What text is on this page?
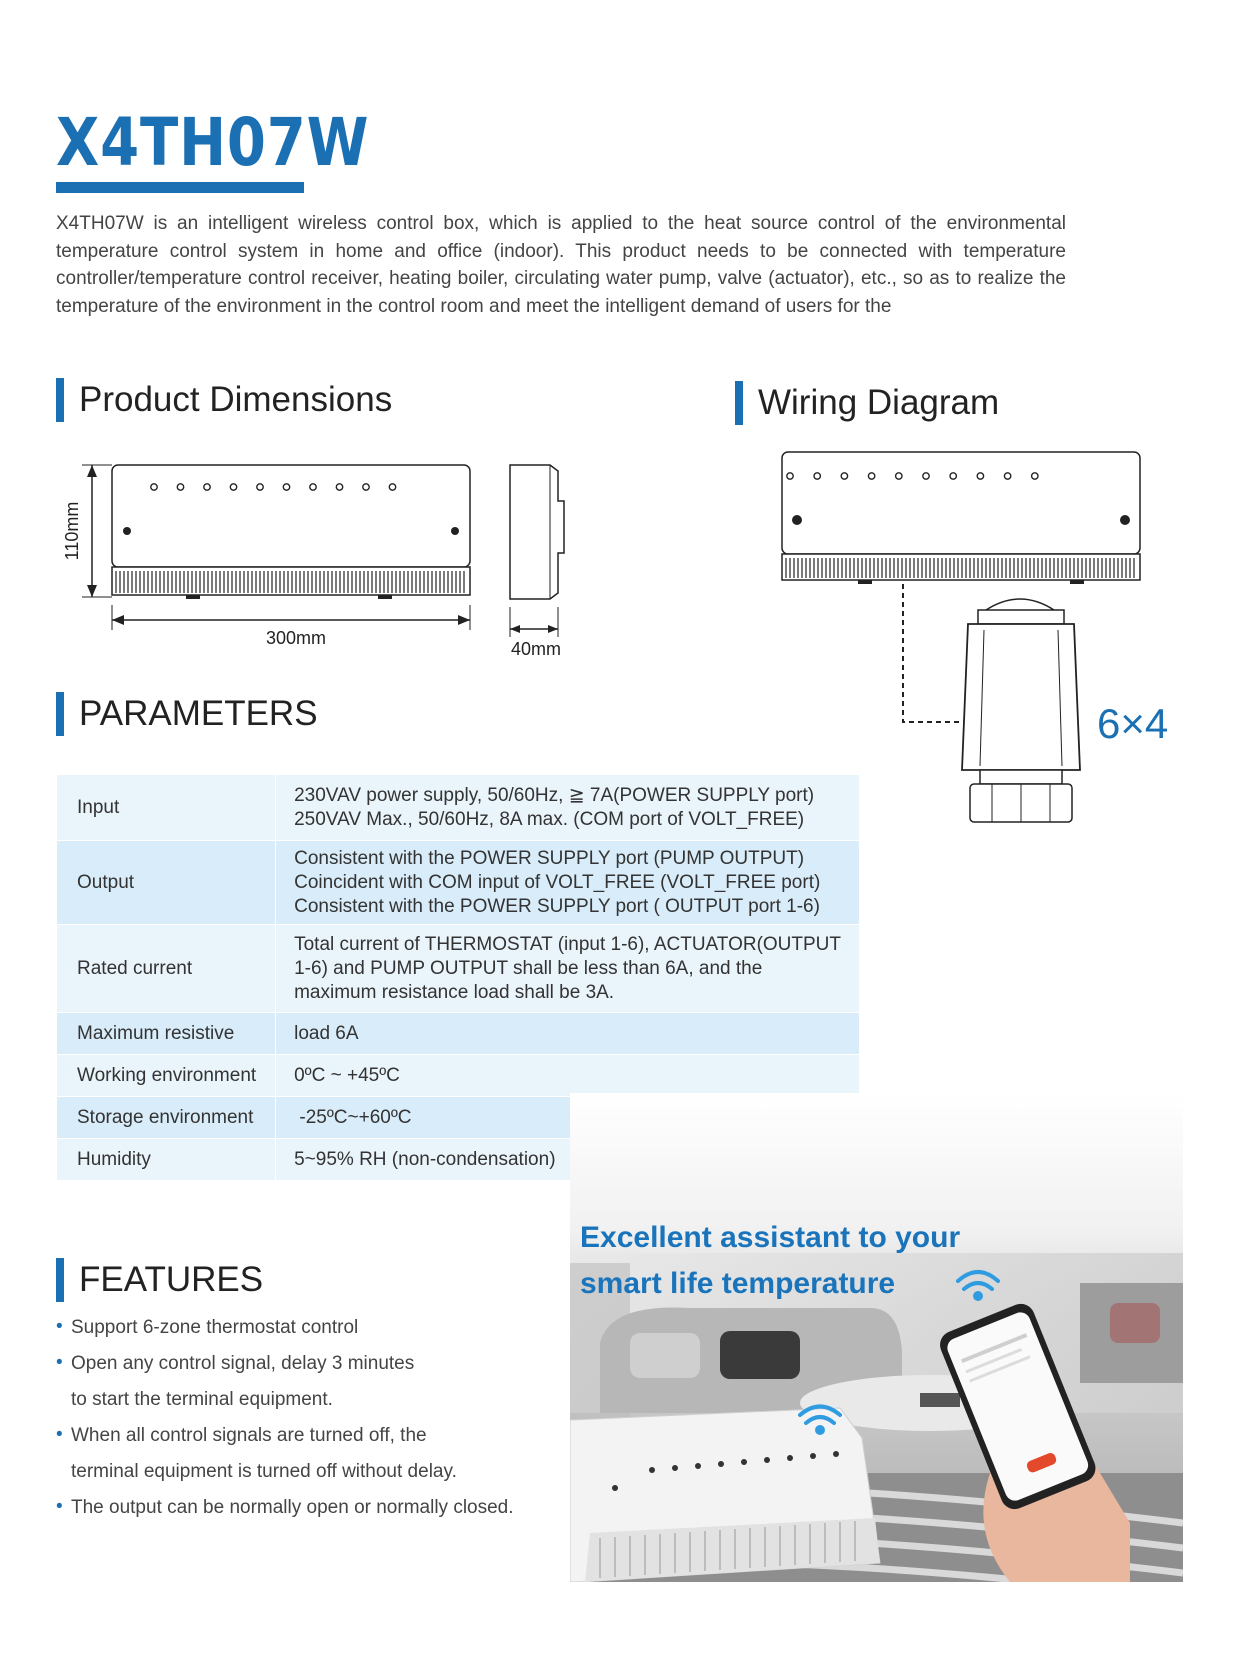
X4TH07W

X4TH07W is an intelligent wireless control box, which is applied to the heat source control of the environmental temperature control system in home and office (indoor). This product needs to be connected with temperature controller/temperature control receiver, heating boiler, circulating water pump, valve (actuator), etc., so as to realize the temperature of the environment in the control room and meet the intelligent demand of users for the

Product Dimensions	Wiring Diagram
PARAMETERS
FEATURES
110mm
300mm
40mm
6×4
Input	230VAV power supply, 50/60Hz, ≧ 7A(POWER SUPPLY port)
250VAV Max., 50/60Hz, 8A max. (COM port of VOLT_FREE)

Output	Consistent with the POWER SUPPLY port (PUMP OUTPUT)
Coincident with COM input of VOLT_FREE (VOLT_FREE port)
Consistent with the POWER SUPPLY port ( OUTPUT port 1-6)

Rated current	Total current of THERMOSTAT (input 1-6), ACTUATOR(OUTPUT
1-6) and PUMP OUTPUT shall be less than 6A, and the
maximum resistance load shall be 3A.

Maximum resistive	load 6A

Working environment	0ºC ~ +45ºC

Storage environment	-25ºC~+60ºC

Humidity	5~95% RH (non-condensation)
• Support 6-zone thermostat control
• Open any control signal, delay 3 minutes
to start the terminal equipment.
• When all control signals are turned off, the
terminal equipment is turned off without delay.
• The output can be normally open or normally closed.
Excellent assistant to your
smart life temperature
